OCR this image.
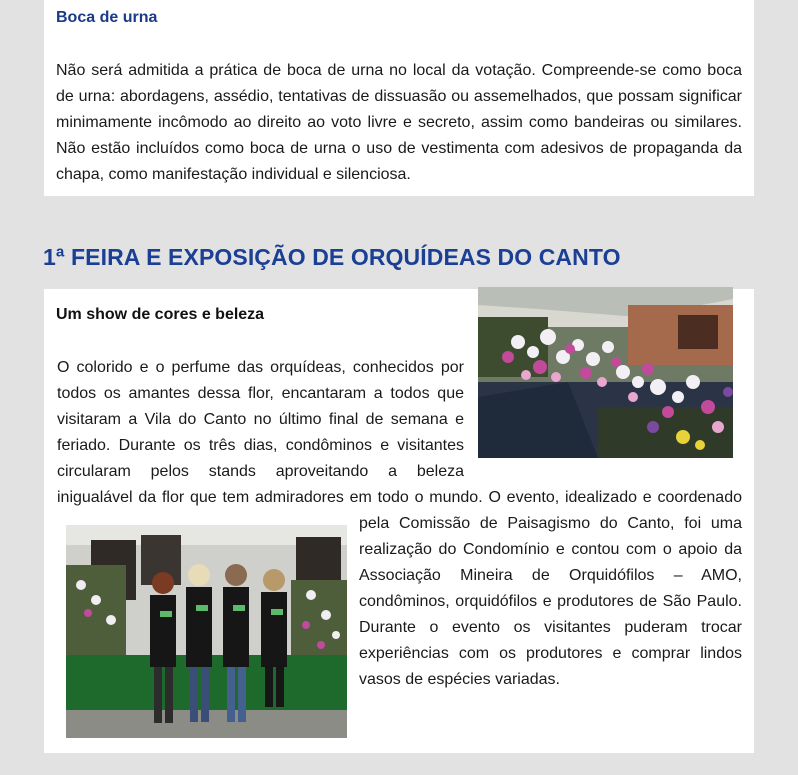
Boca de urna

Não será admitida a prática de boca de urna no local da votação. Compreende-se como boca de urna: abordagens, assédio, tentativas de dissuasão ou assemelhados, que possam significar minimamente incômodo ao direito ao voto livre e secreto, assim como bandeiras ou similares. Não estão incluídos como boca de urna o uso de vestimenta com adesivos de propaganda da chapa, como manifestação individual e silenciosa.

1ª FEIRA E EXPOSIÇÃO DE ORQUÍDEAS DO CANTO
Um show de cores e beleza

O colorido e o perfume das orquídeas, conhecidos por todos os amantes dessa flor, encantaram a todos que visitaram a Vila do Canto no último final de semana e feriado. Durante os três dias, condôminos e visitantes circularam pelos stands aproveitando a beleza inigualável da flor que tem admiradores em todo o mundo. O evento, idealizado e coordenado pela Comissão de Paisagismo do Canto, foi uma realização do Condomínio e contou com o apoio da Associação Mineira de Orquidófilos – AMO, condôminos, orquidófilos e produtores de São Paulo. Durante o evento os visitantes puderam trocar experiências com os produtores e comprar lindos vasos de espécies variadas.
